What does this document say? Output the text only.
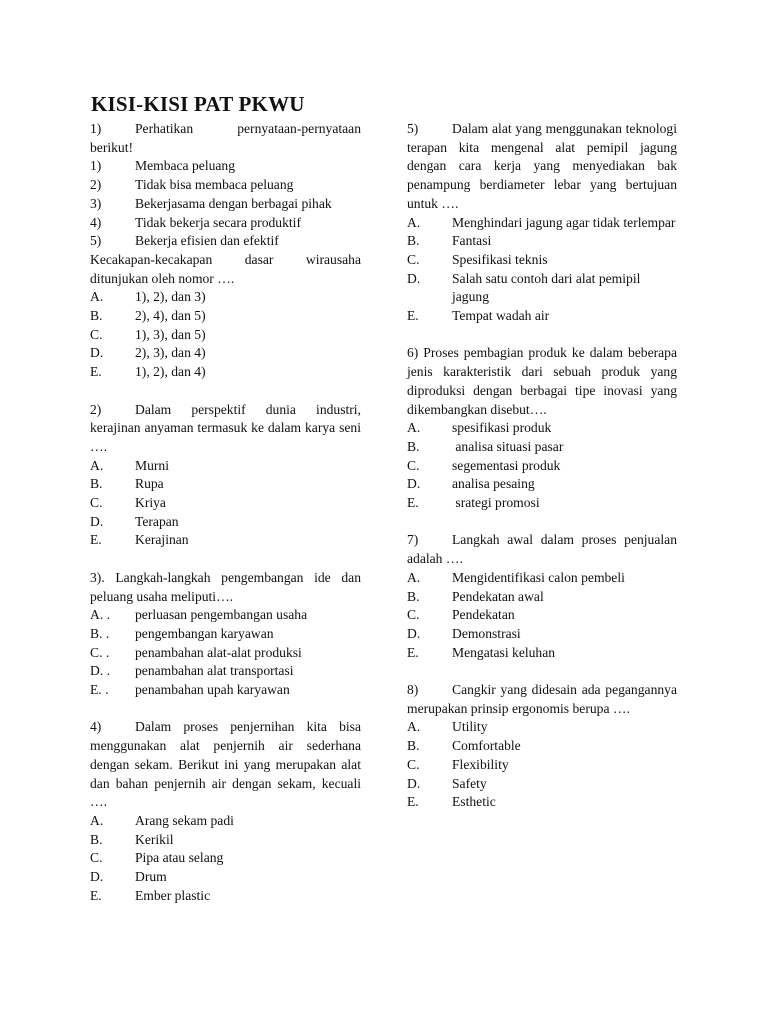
KISI-KISI PAT PKWU
1) Perhatikan pernyataan-pernyataan berikut!
1)	Membaca peluang
2)	Tidak bisa membaca peluang
3)	Bekerjasama dengan berbagai pihak
4)	Tidak bekerja secara produktif
5)	Bekerja efisien dan efektif
Kecakapan-kecakapan dasar wirausaha ditunjukan oleh nomor ….
A.	1), 2), dan 3)
B.	2), 4), dan 5)
C.	1), 3), dan 5)
D.	2), 3), dan 4)
E.	1), 2), dan 4)
2) Dalam perspektif dunia industri, kerajinan anyaman termasuk ke dalam karya seni ….
A.	Murni
B.	Rupa
C.	Kriya
D.	Terapan
E.	Kerajinan
3). Langkah-langkah pengembangan ide dan peluang usaha meliputi….
A. .	perluasan pengembangan usaha
B. .	pengembangan karyawan
C. .	penambahan alat-alat produksi
D. .	penambahan alat transportasi
E. .	penambahan upah karyawan
4) Dalam proses penjernihan kita bisa menggunakan alat penjernih air sederhana dengan sekam. Berikut ini yang merupakan alat dan bahan penjernih air dengan sekam, kecuali ….
A.	Arang sekam padi
B.	Kerikil
C.	Pipa atau selang
D.	Drum
E.	Ember plastic
5) Dalam alat yang menggunakan teknologi terapan kita mengenal alat pemipil jagung dengan cara kerja yang menyediakan bak penampung berdiameter lebar yang bertujuan untuk ….
A. Menghindari jagung agar tidak terlempar
B.	Fantasi
C.	Spesifikasi teknis
D.	Salah satu contoh dari alat pemipil jagung
E.	Tempat wadah air
6) Proses pembagian produk ke dalam beberapa jenis karakteristik dari sebuah produk yang diproduksi dengan berbagai tipe inovasi yang dikembangkan disebut….
A.	spesifikasi produk
B.	analisa situasi pasar
C.	segementasi produk
D.	analisa pesaing
E.	srategi promosi
7) Langkah awal dalam proses penjualan adalah ….
A.	Mengidentifikasi calon pembeli
B.	Pendekatan awal
C.	Pendekatan
D.	Demonstrasi
E.	Mengatasi keluhan
8) Cangkir yang didesain ada pegangannya merupakan prinsip ergonomis berupa ….
A.	Utility
B.	Comfortable
C.	Flexibility
D.	Safety
E.	Esthetic
